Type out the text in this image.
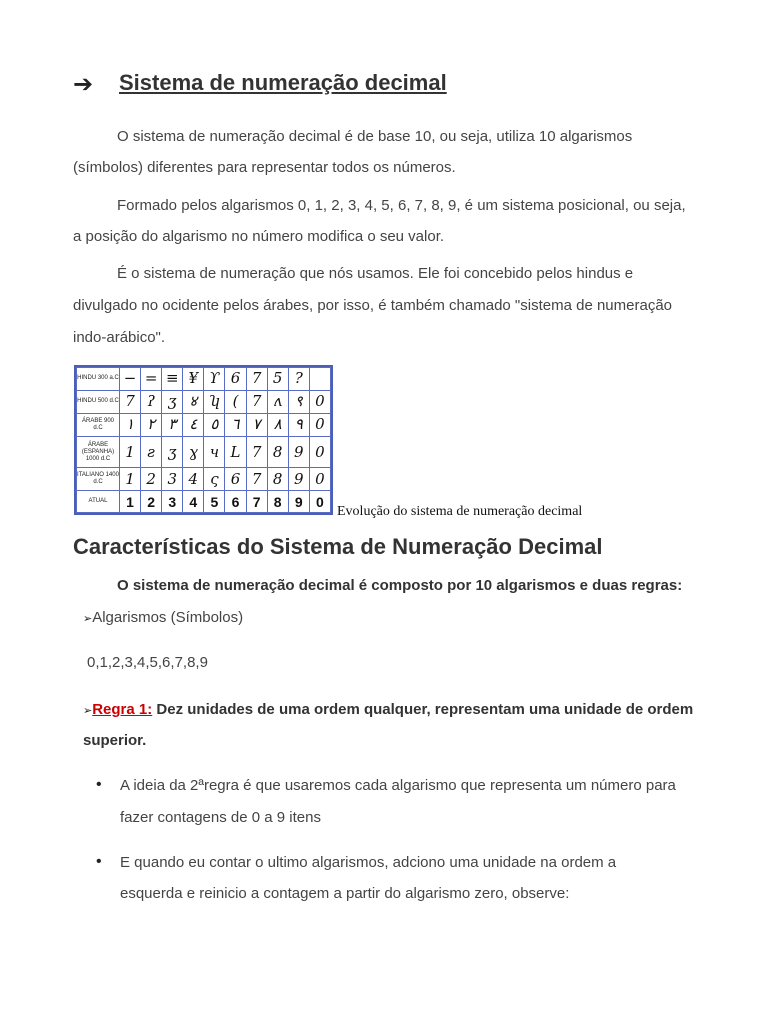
➔ Sistema de numeração decimal
O sistema de numeração decimal é de base 10, ou seja, utiliza 10 algarismos
(símbolos) diferentes para representar todos os números.
Formado pelos algarismos 0, 1, 2, 3, 4, 5, 6, 7, 8, 9, é um sistema posicional, ou seja,
a posição do algarismo no número modifica o seu valor.
É o sistema de numeração que nós usamos. Ele foi concebido pelos hindus e
divulgado no ocidente pelos árabes, por isso, é também chamado "sistema de numeração
indo-arábico".
HINDU 300 a.C	−	=	≡	¥	ϒ	6	7	5	?	
HINDU 500 d.C	7	ʔ	ʒ	४	ʮ	(	7	ʌ	९	0
ÁRABE 900 d.C	١	٢	٣	٤	٥	٦	٧	٨	٩	0
ÁRABE (ESPANHA) 1000 d.C	1	ƨ	ʒ	ɣ	ч	L	7	8	9	0
ITALIANO 1400 d.C	1	2	3	4	ς	6	7	8	9	0
ATUAL	1	2	3	4	5	6	7	8	9	0
Evolução do sistema de numeração decimal
Características do Sistema de Numeração Decimal
O sistema de numeração decimal é composto por 10 algarismos e duas regras:
➢Algarismos (Símbolos)
0,1,2,3,4,5,6,7,8,9
➢Regra 1: Dez unidades de uma ordem qualquer, representam uma unidade de ordem
superior.
• A ideia da 2ªregra é que usaremos cada algarismo que representa um número para
fazer contagens de 0 a 9 itens
• E quando eu contar o ultimo algarismos, adciono uma unidade na ordem a
esquerda e reinicio a contagem a partir do algarismo zero, observe:
